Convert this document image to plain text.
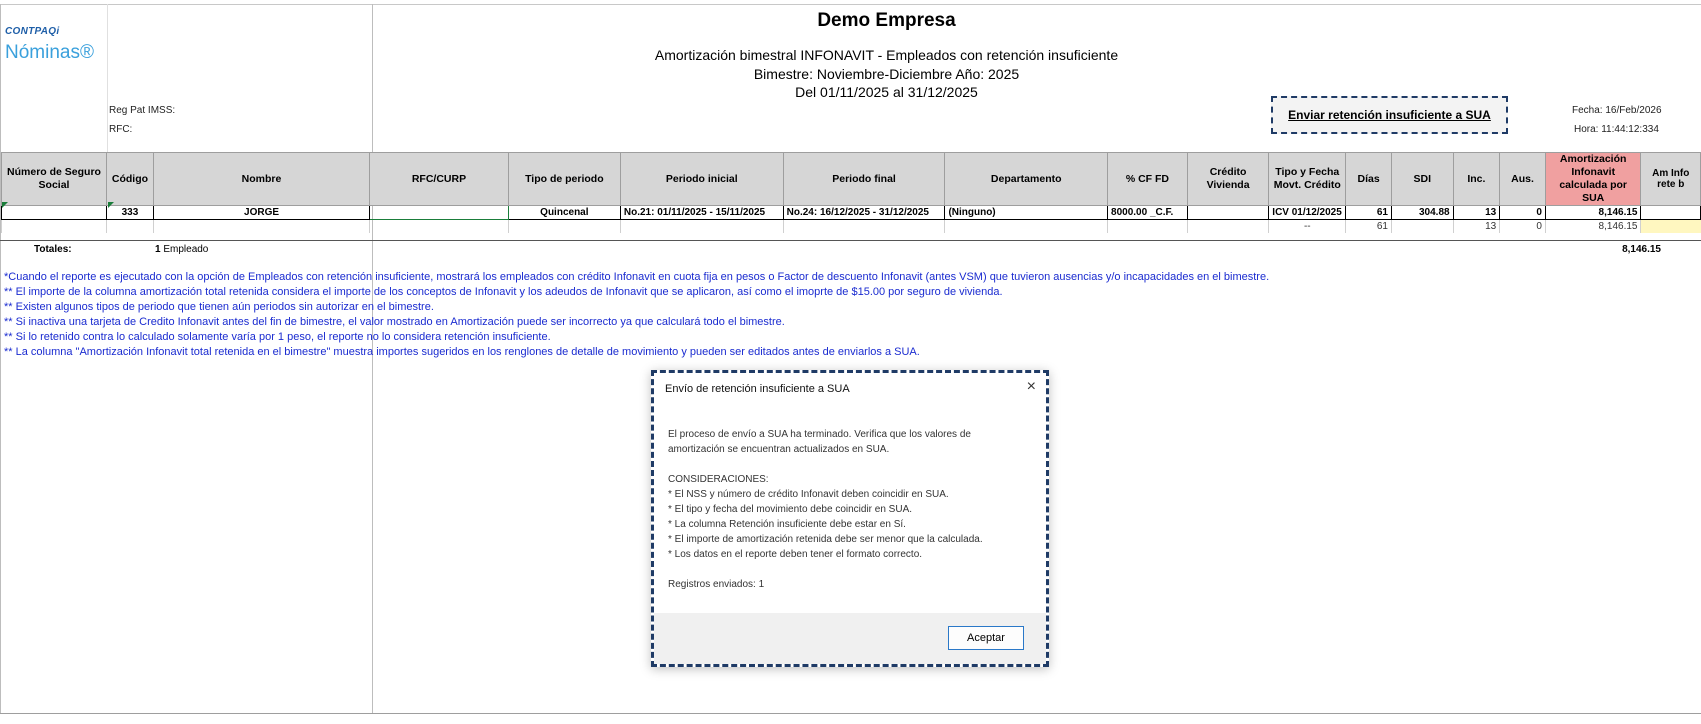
CONTPAQi
Nóminas®
Reg Pat IMSS:
RFC:
Demo Empresa
Amortización bimestral INFONAVIT - Empleados con retención insuficiente
Bimestre: Noviembre-Diciembre Año: 2025
Del 01/11/2025 al 31/12/2025
Enviar retención insuficiente a SUA	Fecha: 16/Feb/2026
Hora: 11:44:12:334
Número de Seguro Social	Código	Nombre	RFC/CURP	Tipo de periodo	Periodo inicial	Periodo final	Departamento	% CF FD	Crédito Vivienda	Tipo y Fecha Movt. Crédito	Días	SDI	Inc.	Aus.	Amortización Infonavit calculada por SUA	Am Info rete b
	333	JORGE		Quincenal	No.21: 01/11/2025 - 15/11/2025	No.24: 16/12/2025 - 31/12/2025	(Ninguno)	8000.00 _C.F.		ICV 01/12/2025	61	304.88	13	0	8,146.15	
										--	61		13	0	8,146.15	
Totales:	1 Empleado	8,146.15
*Cuando el reporte es ejecutado con la opción de Empleados con retención insuficiente, mostrará los empleados con crédito Infonavit en cuota fija en pesos o Factor de descuento Infonavit (antes VSM) que tuvieron ausencias y/o incapacidades en el bimestre.
** El importe de la columna amortización total retenida considera el importe de los conceptos de Infonavit y los adeudos de Infonavit que se aplicaron, así como el imoprte de $15.00 por seguro de vivienda.
** Existen algunos tipos de periodo que tienen aún periodos sin autorizar en el bimestre.
** Si inactiva una tarjeta de Credito Infonavit antes del fin de bimestre, el valor mostrado en Amortización puede ser incorrecto ya que calculará todo el bimestre.
** Si lo retenido contra lo calculado solamente varía por 1 peso, el reporte no lo considera retención insuficiente.
** La columna "Amortización Infonavit total retenida en el bimestre" muestra importes sugeridos en los renglones de detalle de movimiento y pueden ser editados antes de enviarlos a SUA.
Envío de retención insuficiente a SUA	×

El proceso de envío a SUA ha terminado. Verifica que los valores de amortización se encuentran actualizados en SUA.

CONSIDERACIONES:

* El NSS y número de crédito Infonavit deben coincidir en SUA.

* El tipo y fecha del movimiento debe coincidir en SUA.

* La columna Retención insuficiente debe estar en Sí.

* El importe de amortización retenida debe ser menor que la calculada.

* Los datos en el reporte deben tener el formato correcto.

Registros enviados: 1

Aceptar
